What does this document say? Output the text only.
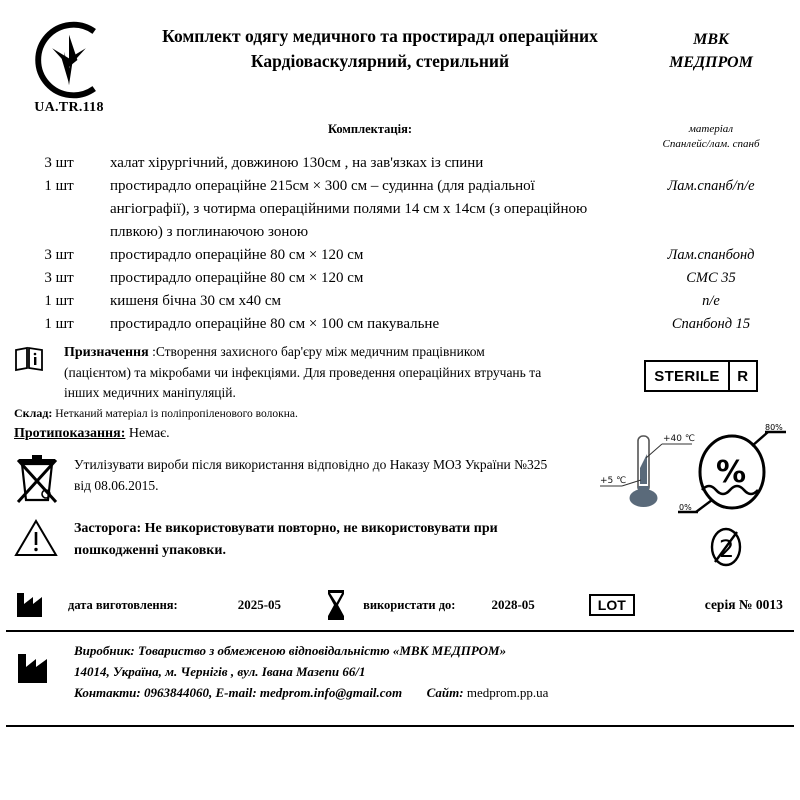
UA.TR.118
Комплект одягу медичного та простирадл операційних
Кардіоваскулярний, стерильний
МВК
МЕДПРОМ
Комплектація:	матеріал
Спанлейс/лам. спанб
3 шт	халат хірургічний, довжиною 130см , на зав'язках із спини
1 шт	простирадло операційне 215см × 300 см – судинна (для радіальної	Лам.спанб/n/e
ангіографії), з чотирма операційними полями 14 см х 14см (з операційною
плвкою) з поглинаючою зоною
3 шт	простирадло операційне 80 см × 120 см	Лам.спанбонд
3 шт	простирадло операційне 80 см × 120 см	СМС 35
1 шт	кишеня бічна 30 см х40 см	n/e
1 шт	простирадло операційне 80 см × 100 см пакувальне	Спанбонд 15
Призначення :Створення захисного бар'єру між медичним працівником
(пацієнтом) та мікробами чи інфекціями. Для проведення операційних втручань та
інших медичних маніпуляцій.
STERILE	R
Склад: Нетканий матеріал із поліпропіленового волокна.
Протипоказання: Немає.	+40 ℃
+5 ℃	%
80%
0%
Утилізувати вироби після використання відповідно до Наказу МОЗ України №325
від 08.06.2015.
Засторога: Не використовувати повторно, не використовувати при
пошкодженні упаковки.	2
дата виготовлення:	2025-05	використати до:	2028-05	LOT	серія № 0013
Виробник: Товариство з обмеженою відповідальністю «МВК МЕДПРОМ»
14014, Україна, м. Чернігів , вул. Івана Мазепи 66/1
Контакти: 0963844060, E-mail: medprom.info@gmail.com Сайт: medprom.pp.ua
